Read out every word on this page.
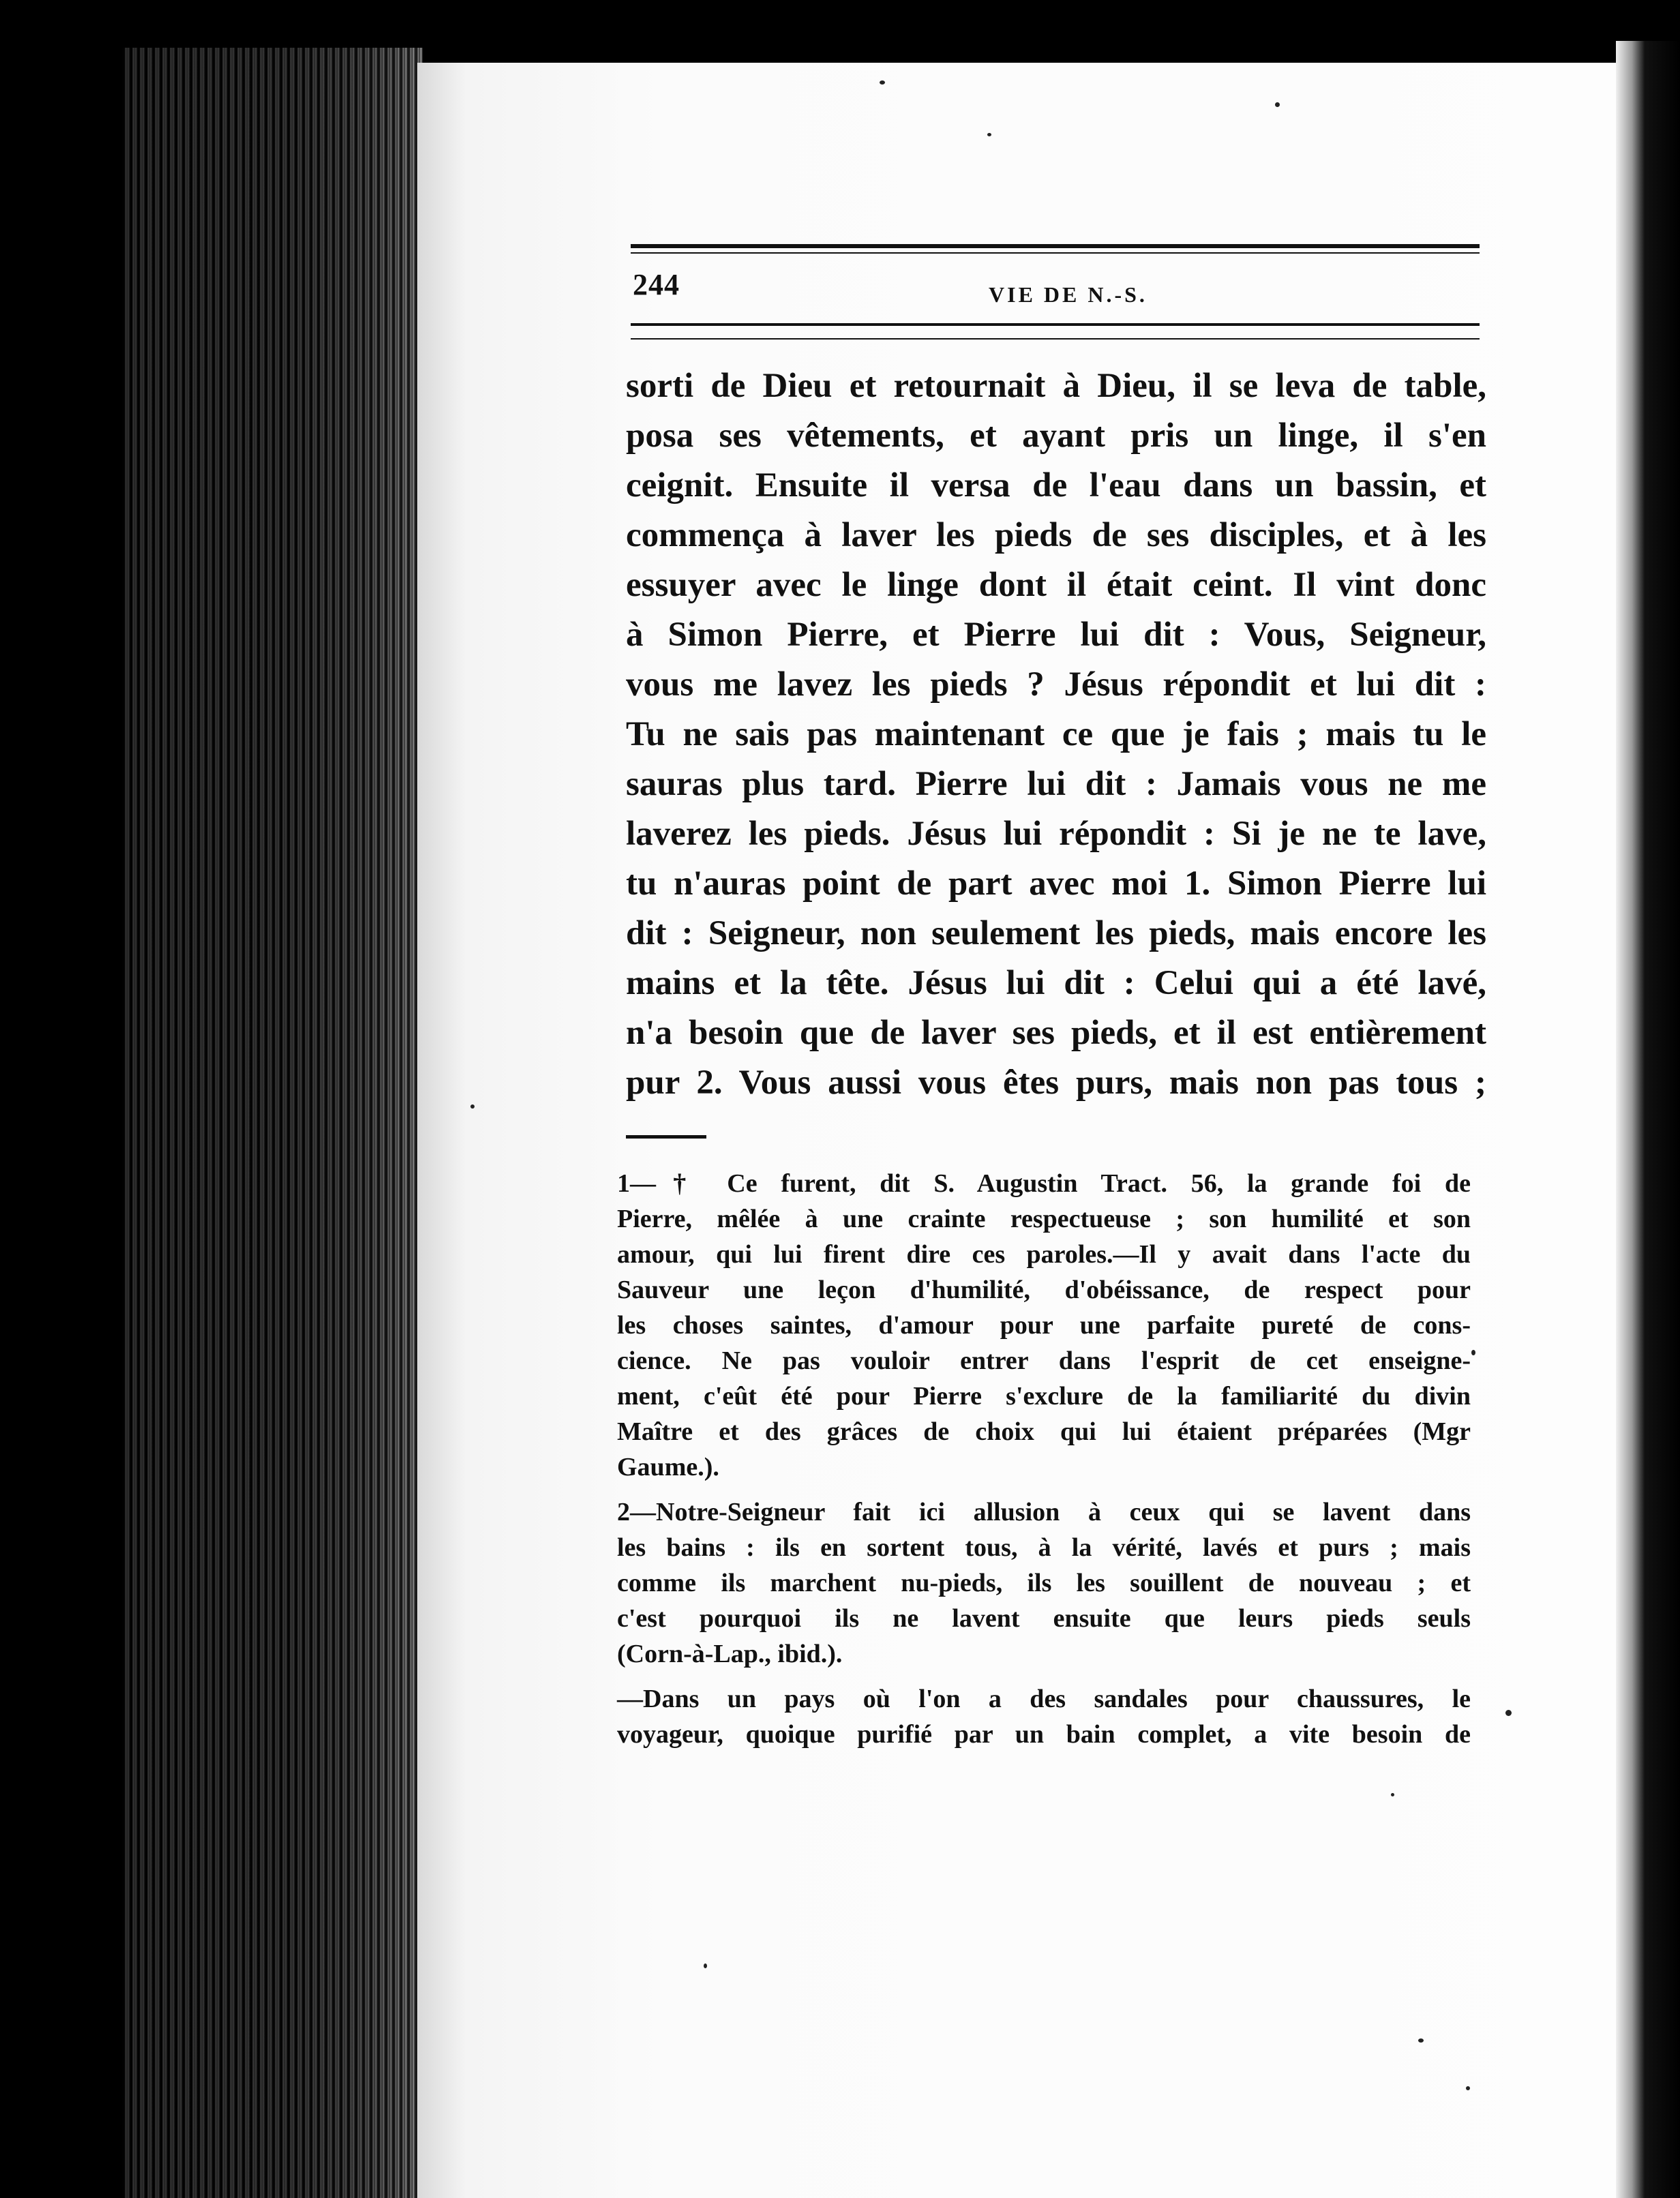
244	VIE DE N.-S.
sorti de Dieu et retournait à Dieu, il se leva de table,
posa ses vêtements, et ayant pris un linge, il s'en
ceignit. Ensuite il versa de l'eau dans un bassin, et
commença à laver les pieds de ses disciples, et à les
essuyer avec le linge dont il était ceint. Il vint donc
à Simon Pierre, et Pierre lui dit : Vous, Seigneur,
vous me lavez les pieds ? Jésus répondit et lui dit :
Tu ne sais pas maintenant ce que je fais ; mais tu le
sauras plus tard. Pierre lui dit : Jamais vous ne me
laverez les pieds. Jésus lui répondit : Si je ne te lave,
tu n'auras point de part avec moi 1. Simon Pierre lui
dit : Seigneur, non seulement les pieds, mais encore les
mains et la tête. Jésus lui dit : Celui qui a été lavé,
n'a besoin que de laver ses pieds, et il est entièrement
pur 2. Vous aussi vous êtes purs, mais non pas tous ;
1—† Ce furent, dit S. Augustin Tract. 56, la grande foi de
Pierre, mêlée à une crainte respectueuse ; son humilité et son
amour, qui lui firent dire ces paroles.—Il y avait dans l'acte du
Sauveur une leçon d'humilité, d'obéissance, de respect pour
les choses saintes, d'amour pour une parfaite pureté de cons-
cience. Ne pas vouloir entrer dans l'esprit de cet enseigne-
ment, c'eût été pour Pierre s'exclure de la familiarité du divin
Maître et des grâces de choix qui lui étaient préparées (Mgr
Gaume.).
2—Notre-Seigneur fait ici allusion à ceux qui se lavent dans
les bains : ils en sortent tous, à la vérité, lavés et purs ; mais
comme ils marchent nu-pieds, ils les souillent de nouveau ; et
c'est pourquoi ils ne lavent ensuite que leurs pieds seuls
(Corn-à-Lap., ibid.).
—Dans un pays où l'on a des sandales pour chaussures, le
voyageur, quoique purifié par un bain complet, a vite besoin de
